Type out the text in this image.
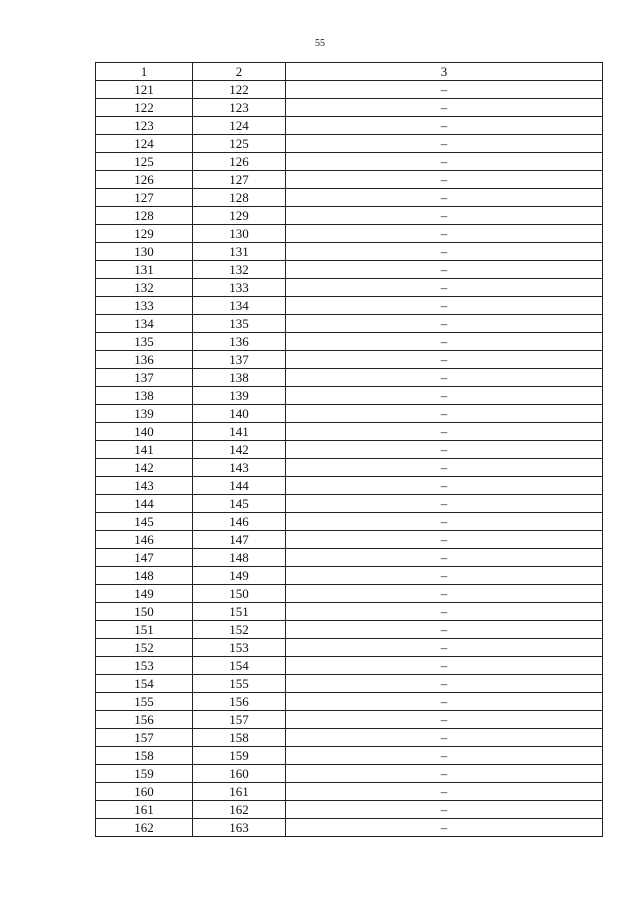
55
1	2	3
121	122	–
122	123	–
123	124	–
124	125	–
125	126	–
126	127	–
127	128	–
128	129	–
129	130	–
130	131	–
131	132	–
132	133	–
133	134	–
134	135	–
135	136	–
136	137	–
137	138	–
138	139	–
139	140	–
140	141	–
141	142	–
142	143	–
143	144	–
144	145	–
145	146	–
146	147	–
147	148	–
148	149	–
149	150	–
150	151	–
151	152	–
152	153	–
153	154	–
154	155	–
155	156	–
156	157	–
157	158	–
158	159	–
159	160	–
160	161	–
161	162	–
162	163	–
